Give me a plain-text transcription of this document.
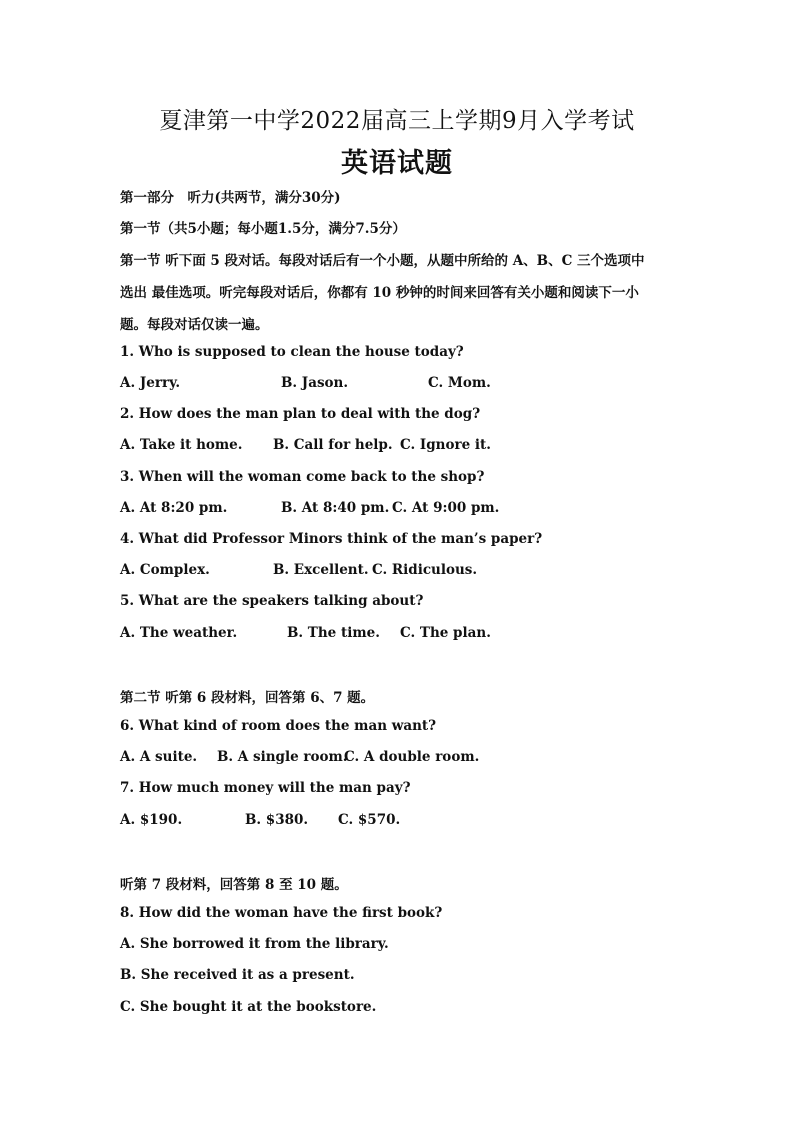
夏津第一中学2022届高三上学期9月入学考试
英语试题
第一部分　听力(共两节，满分30分)
第一节（共5小题；每小题1.5分，满分7.5分）
第一节 听下面 5 段对话。每段对话后有一个小题，从题中所给的 A、B、C 三个选项中
选出 最佳选项。听完每段对话后，你都有 10 秒钟的时间来回答有关小题和阅读下一小
题。每段对话仅读一遍。
1. Who is supposed to clean the house today?
A. Jerry.	B. Jason.	C. Mom.
2. How does the man plan to deal with the dog?
A. Take it home. B. Call for help. C. Ignore it.
3. When will the woman come back to the shop?
A. At 8:20 pm.	B. At 8:40 pm. C. At 9:00 pm.
4. What did Professor Minors think of the man’s paper?
A. Complex.	B. Excellent. C. Ridiculous.
5. What are the speakers talking about?
A. The weather.	B. The time. C. The plan.
第二节 听第 6 段材料，回答第 6、7 题。
6. What kind of room does the man want?
A. A suite. B. A single room.
C. A double room.
7. How much money will the man pay?
A. $190.	B. $380. C. $570.
听第 7 段材料，回答第 8 至 10 题。
8. How did the woman have the first book?
A. She borrowed it from the library.
B. She received it as a present.
C. She bought it at the bookstore.
